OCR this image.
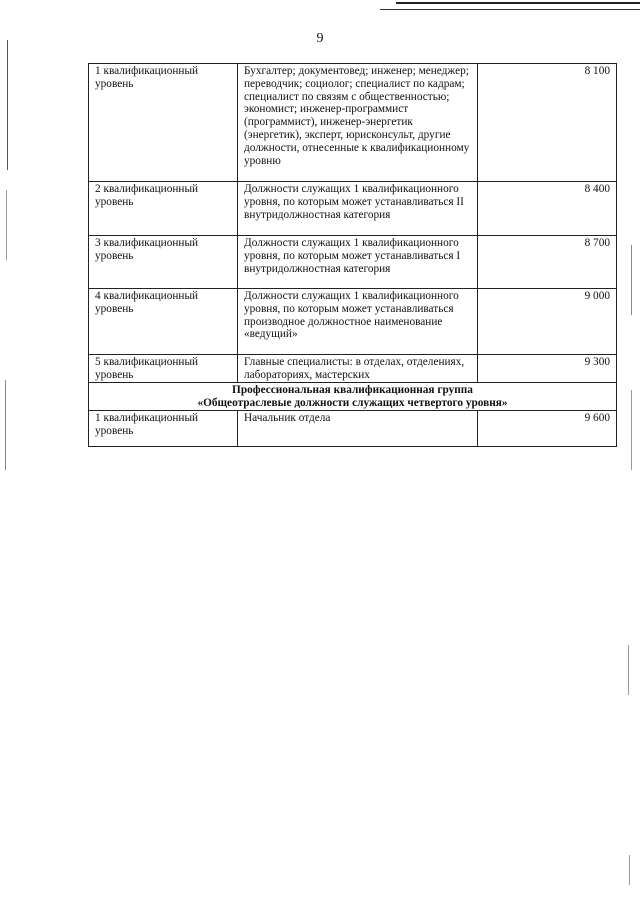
9
1 квалификационный уровень	Бухгалтер; документовед; инженер; менеджер; переводчик; социолог; специалист по кадрам; специалист по связям с общественностью; экономист; инженер-программист (программист), инженер-энергетик (энергетик), эксперт, юрисконсульт, другие должности, отнесенные к квалификационному уровню	8 100
2 квалификационный уровень	Должности служащих 1 квалификационного уровня, по которым может устанавливаться II внутридолжностная категория	8 400
3 квалификационный уровень	Должности служащих 1 квалификационного уровня, по которым может устанавливаться I внутридолжностная категория	8 700
4 квалификационный уровень	Должности служащих 1 квалификационного уровня, по которым может устанавливаться производное должностное наименование «ведущий»	9 000
5 квалификационный уровень	Главные специалисты: в отделах, отделениях, лабораториях, мастерских	9 300

Профессиональная квалификационная группа
«Общеотраслевые должности служащих четвертого уровня»		

1 квалификационный уровень	Начальник отдела	9 600
